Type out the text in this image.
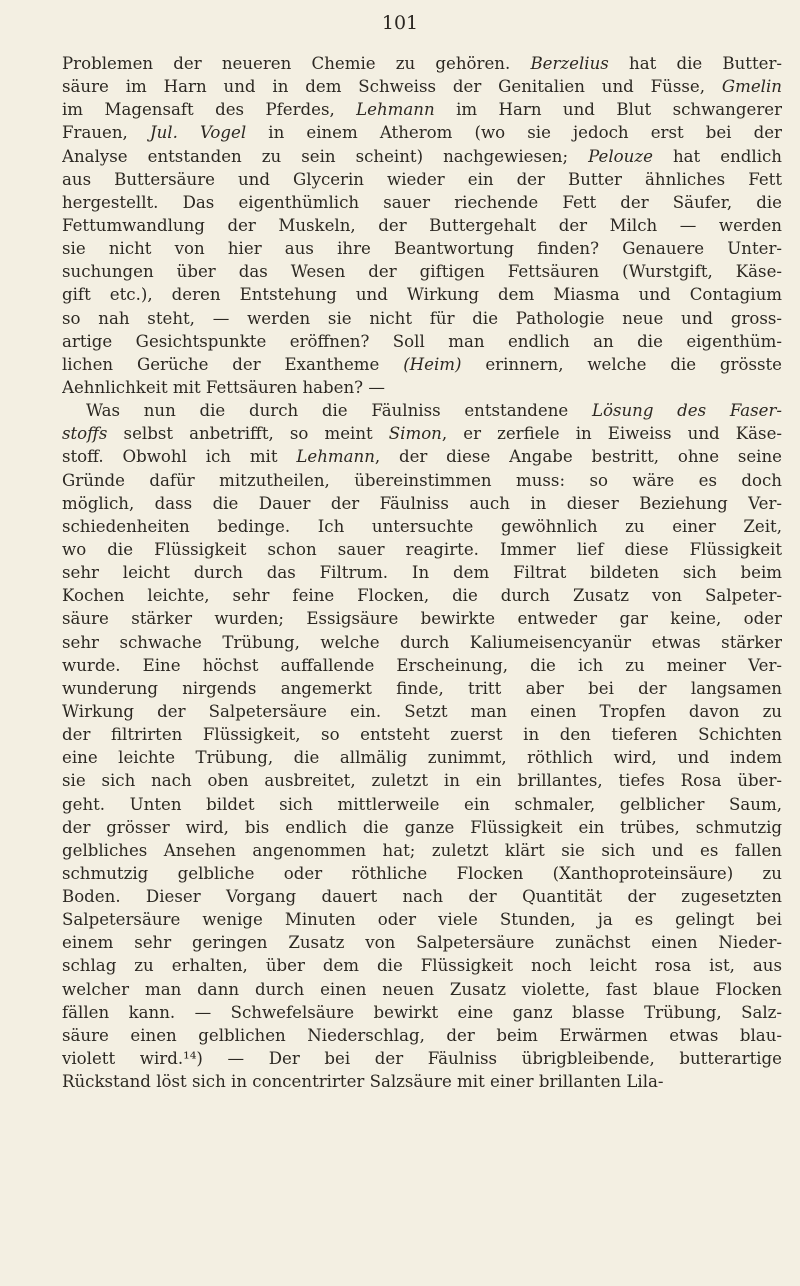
101
Problemen der neueren Chemie zu gehören. Berzelius hat die Butter-
säure im Harn und in dem Schweiss der Genitalien und Füsse, Gmelin
im Magensaft des Pferdes, Lehmann im Harn und Blut schwangerer
Frauen, Jul. Vogel in einem Atherom (wo sie jedoch erst bei der
Analyse entstanden zu sein scheint) nachgewiesen; Pelouze hat endlich
aus Buttersäure und Glycerin wieder ein der Butter ähnliches Fett
hergestellt. Das eigenthümlich sauer riechende Fett der Säufer, die
Fettumwandlung der Muskeln, der Buttergehalt der Milch — werden
sie nicht von hier aus ihre Beantwortung finden? Genauere Unter-
suchungen über das Wesen der giftigen Fettsäuren (Wurstgift, Käse-
gift etc.), deren Entstehung und Wirkung dem Miasma und Contagium
so nah steht, — werden sie nicht für die Pathologie neue und gross-
artige Gesichtspunkte eröffnen? Soll man endlich an die eigenthüm-
lichen Gerüche der Exantheme (Heim) erinnern, welche die grösste
Aehnlichkeit mit Fettsäuren haben? —
Was nun die durch die Fäulniss entstandene Lösung des Faser-
stoffs selbst anbetrifft, so meint Simon, er zerfiele in Eiweiss und Käse-
stoff. Obwohl ich mit Lehmann, der diese Angabe bestritt, ohne seine
Gründe dafür mitzutheilen, übereinstimmen muss: so wäre es doch
möglich, dass die Dauer der Fäulniss auch in dieser Beziehung Ver-
schiedenheiten bedinge. Ich untersuchte gewöhnlich zu einer Zeit,
wo die Flüssigkeit schon sauer reagirte. Immer lief diese Flüssigkeit
sehr leicht durch das Filtrum. In dem Filtrat bildeten sich beim
Kochen leichte, sehr feine Flocken, die durch Zusatz von Salpeter-
säure stärker wurden; Essigsäure bewirkte entweder gar keine, oder
sehr schwache Trübung, welche durch Kaliumeisencyanür etwas stärker
wurde. Eine höchst auffallende Erscheinung, die ich zu meiner Ver-
wunderung nirgends angemerkt finde, tritt aber bei der langsamen
Wirkung der Salpetersäure ein. Setzt man einen Tropfen davon zu
der filtrirten Flüssigkeit, so entsteht zuerst in den tieferen Schichten
eine leichte Trübung, die allmälig zunimmt, röthlich wird, und indem
sie sich nach oben ausbreitet, zuletzt in ein brillantes, tiefes Rosa über-
geht. Unten bildet sich mittlerweile ein schmaler, gelblicher Saum,
der grösser wird, bis endlich die ganze Flüssigkeit ein trübes, schmutzig
gelbliches Ansehen angenommen hat; zuletzt klärt sie sich und es fallen
schmutzig gelbliche oder röthliche Flocken (Xanthoproteinsäure) zu
Boden. Dieser Vorgang dauert nach der Quantität der zugesetzten
Salpetersäure wenige Minuten oder viele Stunden, ja es gelingt bei
einem sehr geringen Zusatz von Salpetersäure zunächst einen Nieder-
schlag zu erhalten, über dem die Flüssigkeit noch leicht rosa ist, aus
welcher man dann durch einen neuen Zusatz violette, fast blaue Flocken
fällen kann. — Schwefelsäure bewirkt eine ganz blasse Trübung, Salz-
säure einen gelblichen Niederschlag, der beim Erwärmen etwas blau-
violett wird.¹⁴) — Der bei der Fäulniss übrigbleibende, butterartige
Rückstand löst sich in concentrirter Salzsäure mit einer brillanten Lila-
